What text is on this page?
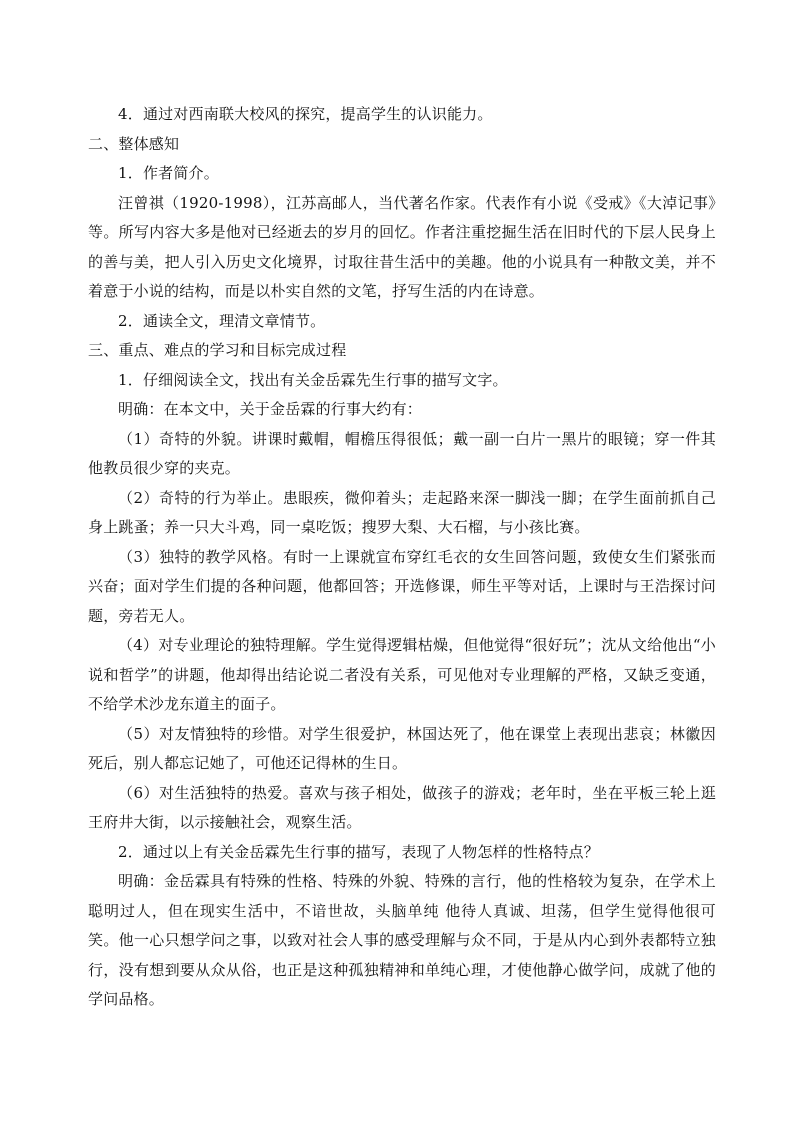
4．通过对西南联大校风的探究，提高学生的认识能力。

二、整体感知

1．作者简介。

汪曾祺（1920-1998），江苏高邮人，当代著名作家。代表作有小说《受戒》《大淖记事》等。所写内容大多是他对已经逝去的岁月的回忆。作者注重挖掘生活在旧时代的下层人民身上的善与美，把人引入历史文化境界，讨取往昔生活中的美趣。他的小说具有一种散文美，并不着意于小说的结构，而是以朴实自然的文笔，抒写生活的内在诗意。

2．通读全文，理清文章情节。

三、重点、难点的学习和目标完成过程

1．仔细阅读全文，找出有关金岳霖先生行事的描写文字。

明确：在本文中，关于金岳霖的行事大约有：

（1）奇特的外貌。讲课时戴帽，帽檐压得很低；戴一副一白片一黑片的眼镜；穿一件其他教员很少穿的夹克。

（2）奇特的行为举止。患眼疾，微仰着头；走起路来深一脚浅一脚；在学生面前抓自己身上跳蚤；养一只大斗鸡，同一桌吃饭；搜罗大梨、大石榴，与小孩比赛。

（3）独特的教学风格。有时一上课就宣布穿红毛衣的女生回答问题，致使女生们紧张而兴奋；面对学生们提的各种问题，他都回答；开选修课，师生平等对话，上课时与王浩探讨问题，旁若无人。

（4）对专业理论的独特理解。学生觉得逻辑枯燥，但他觉得“很好玩”；沈从文给他出“小说和哲学”的讲题，他却得出结论说二者没有关系，可见他对专业理解的严格，又缺乏变通，不给学术沙龙东道主的面子。

（5）对友情独特的珍惜。对学生很爱护，林国达死了，他在课堂上表现出悲哀；林徽因死后，别人都忘记她了，可他还记得林的生日。

（6）对生活独特的热爱。喜欢与孩子相处，做孩子的游戏；老年时，坐在平板三轮上逛王府井大街，以示接触社会，观察生活。

2．通过以上有关金岳霖先生行事的描写，表现了人物怎样的性格特点？

明确：金岳霖具有特殊的性格、特殊的外貌、特殊的言行，他的性格较为复杂，在学术上聪明过人，但在现实生活中，不谙世故，头脑单纯 他待人真诚、坦荡，但学生觉得他很可笑。他一心只想学问之事，以致对社会人事的感受理解与众不同，于是从内心到外表都特立独行，没有想到要从众从俗，也正是这种孤独精神和单纯心理，才使他静心做学问，成就了他的学问品格。
